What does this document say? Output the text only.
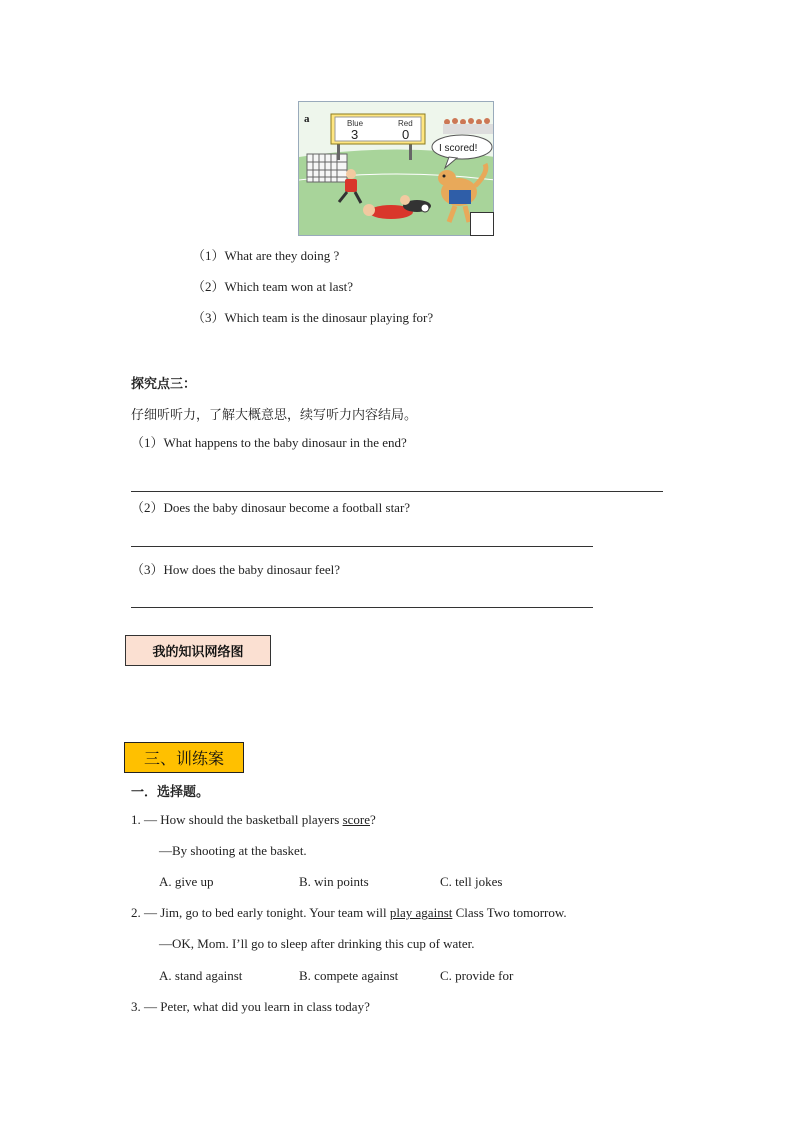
Blue	Red
3	0
a
I scored!
（1）What are they doing ?
（2）Which team won at last?
（3）Which team is the dinosaur playing for?
探究点三：
仔细听听力，了解大概意思，续写听力内容结局。
（1）What happens to the baby dinosaur in the end?
（2）Does the baby dinosaur become a football star?
（3）How does the baby dinosaur feel?
我的知识网络图
三、训练案
一．选择题。
1. — How should the basketball players score?
—By shooting at the basket.
A. give up	B. win points	C. tell jokes
2. — Jim, go to bed early tonight. Your team will play against Class Two tomorrow.
—OK, Mom. I’ll go to sleep after drinking this cup of water.
A. stand against	B. compete against	C. provide for
3. — Peter, what did you learn in class today?
